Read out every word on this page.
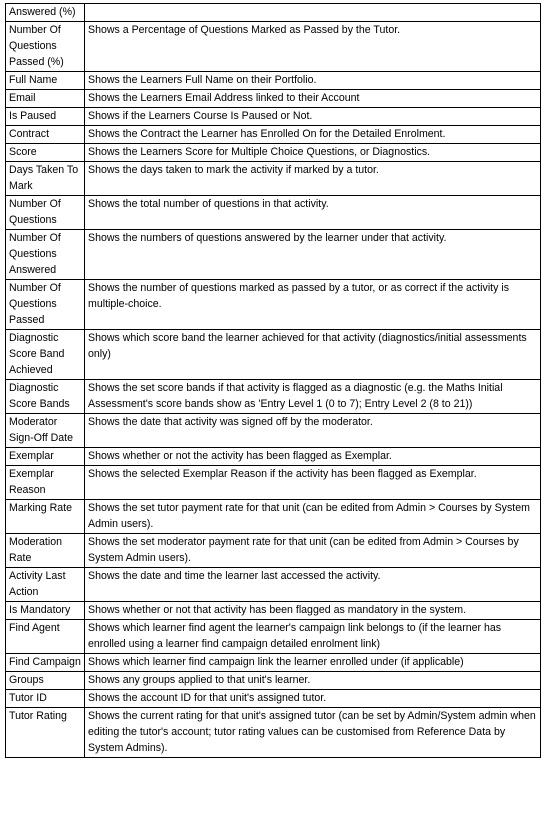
Answered (%)	
Number Of Questions Passed (%)	Shows a Percentage of Questions Marked as Passed by the Tutor.
Full Name	Shows the Learners Full Name on their Portfolio.
Email	Shows the Learners Email Address linked to their Account
Is Paused	Shows if the Learners Course Is Paused or Not.
Contract	Shows the Contract the Learner has Enrolled On for the Detailed Enrolment.
Score	Shows the Learners Score for Multiple Choice Questions, or Diagnostics.
Days Taken To Mark	Shows the days taken to mark the activity if marked by a tutor.
Number Of Questions	Shows the total number of questions in that activity.
Number Of Questions Answered	Shows the numbers of questions answered by the learner under that activity.
Number Of Questions Passed	Shows the number of questions marked as passed by a tutor, or as correct if the activity is multiple-choice.
Diagnostic Score Band Achieved	Shows which score band the learner achieved for that activity (diagnostics/initial assessments only)
Diagnostic Score Bands	Shows the set score bands if that activity is flagged as a diagnostic (e.g. the Maths Initial Assessment's score bands show as 'Entry Level 1 (0 to 7); Entry Level 2 (8 to 21))
Moderator Sign-Off Date	Shows the date that activity was signed off by the moderator.
Exemplar	Shows whether or not the activity has been flagged as Exemplar.
Exemplar Reason	Shows the selected Exemplar Reason if the activity has been flagged as Exemplar.
Marking Rate	Shows the set tutor payment rate for that unit (can be edited from Admin > Courses by System Admin users).
Moderation Rate	Shows the set moderator payment rate for that unit (can be edited from Admin > Courses by System Admin users).
Activity Last Action	Shows the date and time the learner last accessed the activity.
Is Mandatory	Shows whether or not that activity has been flagged as mandatory in the system.
Find Agent	Shows which learner find agent the learner's campaign link belongs to (if the learner has enrolled using a learner find campaign detailed enrolment link)
Find Campaign	Shows which learner find campaign link the learner enrolled under (if applicable)
Groups	Shows any groups applied to that unit's learner.
Tutor ID	Shows the account ID for that unit's assigned tutor.
Tutor Rating	Shows the current rating for that unit's assigned tutor (can be set by Admin/System admin when editing the tutor's account; tutor rating values can be customised from Reference Data by System Admins).
